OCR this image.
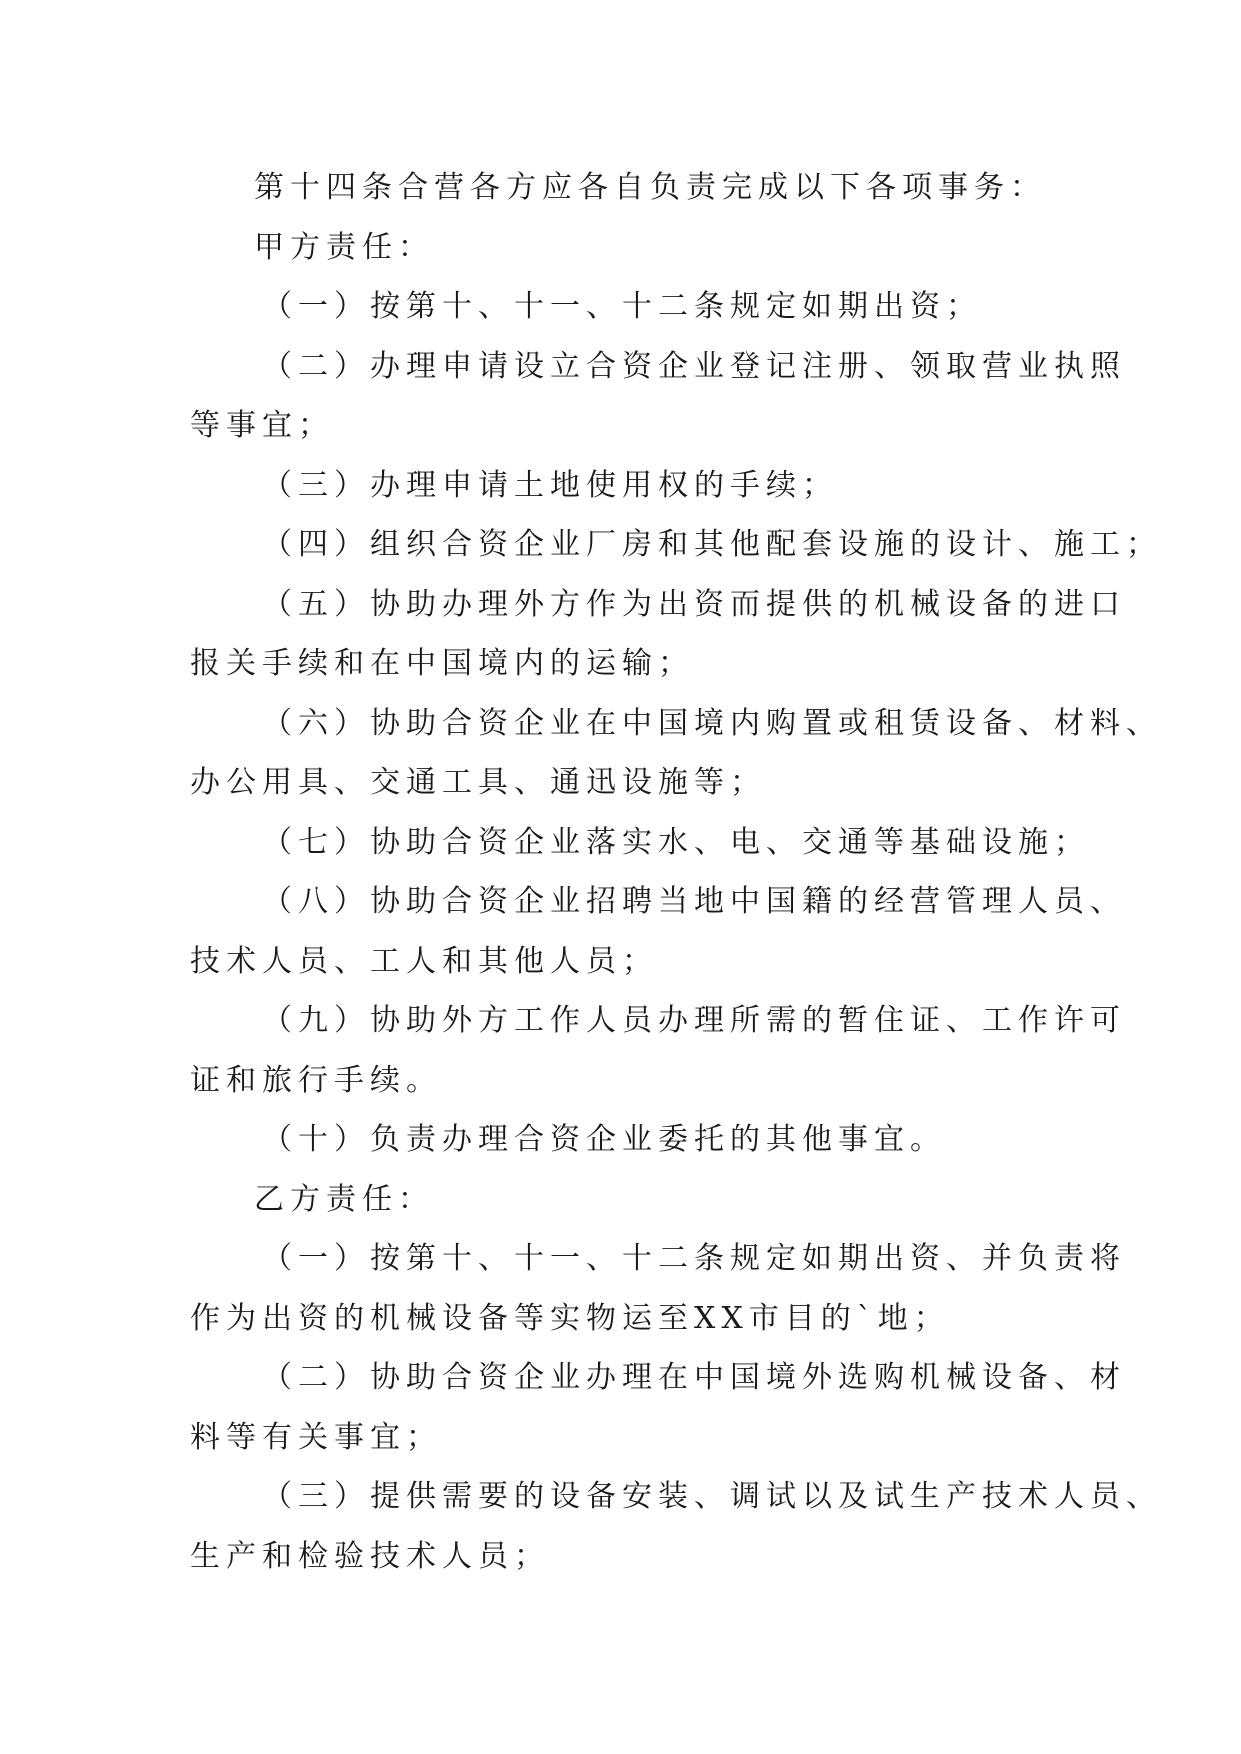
第十四条合营各方应各自负责完成以下各项事务：

甲方责任：

（一）按第十、十一、十二条规定如期出资；

（二）办理申请设立合资企业登记注册、领取营业执照

等事宜；

（三）办理申请土地使用权的手续；

（四）组织合资企业厂房和其他配套设施的设计、施工；

（五）协助办理外方作为出资而提供的机械设备的进口

报关手续和在中国境内的运输；

（六）协助合资企业在中国境内购置或租赁设备、材料、

办公用具、交通工具、通迅设施等；

（七）协助合资企业落实水、电、交通等基础设施；

（八）协助合资企业招聘当地中国籍的经营管理人员、

技术人员、工人和其他人员；

（九）协助外方工作人员办理所需的暂住证、工作许可

证和旅行手续。

（十）负责办理合资企业委托的其他事宜。

乙方责任：

（一）按第十、十一、十二条规定如期出资、并负责将

作为出资的机械设备等实物运至XX市目的`地；

（二）协助合资企业办理在中国境外选购机械设备、材

料等有关事宜；

（三）提供需要的设备安装、调试以及试生产技术人员、

生产和检验技术人员；
